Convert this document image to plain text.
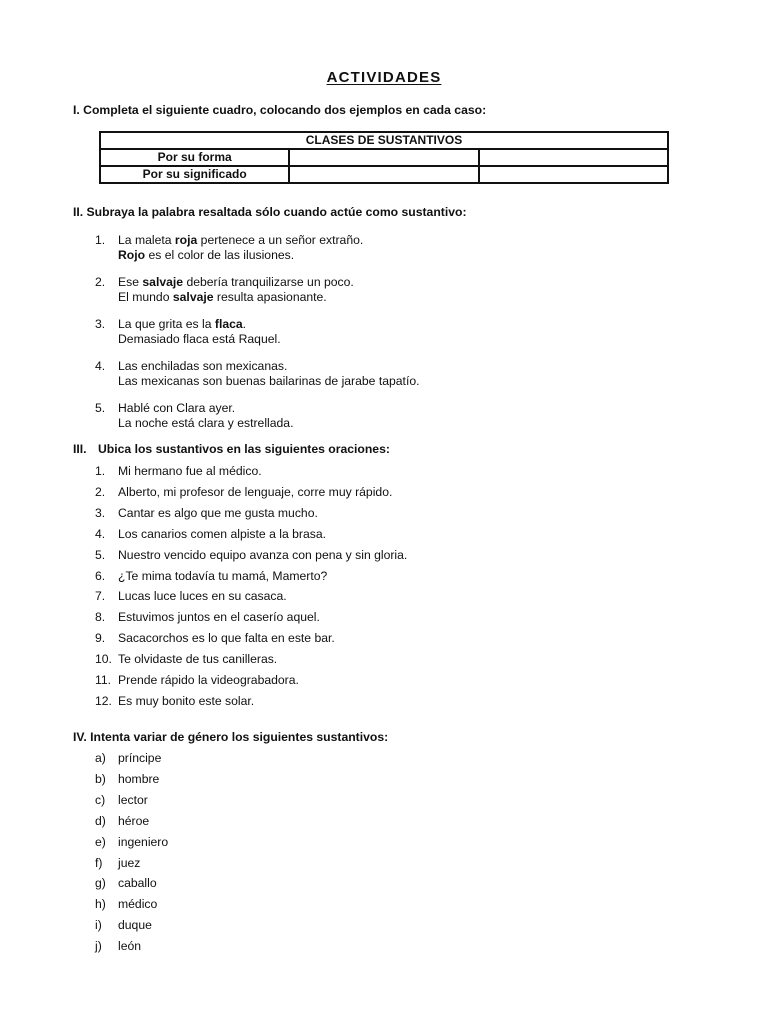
ACTIVIDADES
I. Completa el siguiente cuadro, colocando dos ejemplos en cada caso:
CLASES DE SUSTANTIVOS		
Por su forma		
Por su significado		
II. Subraya la palabra resaltada sólo cuando actúe como sustantivo:
1. La maleta roja pertenece a un señor extraño.
Rojo es el color de las ilusiones.
2. Ese salvaje debería tranquilizarse un poco.
El mundo salvaje resulta apasionante.
3. La que grita es la flaca.
Demasiado flaca está Raquel.
4. Las enchiladas son mexicanas.
Las mexicanas son buenas bailarinas de jarabe tapatío.
5. Hablé con Clara ayer.
La noche está clara y estrellada.
III. Ubica los sustantivos en las siguientes oraciones:
1. Mi hermano fue al médico.
2. Alberto, mi profesor de lenguaje, corre muy rápido.
3. Cantar es algo que me gusta mucho.
4. Los canarios comen alpiste a la brasa.
5. Nuestro vencido equipo avanza con pena y sin gloria.
6. ¿Te mima todavía tu mamá, Mamerto?
7. Lucas luce luces en su casaca.
8. Estuvimos juntos en el caserío aquel.
9. Sacacorchos es lo que falta en este bar.
10. Te olvidaste de tus canilleras.
11. Prende rápido la videograbadora.
12. Es muy bonito este solar.
IV. Intenta variar de género los siguientes sustantivos:
a) príncipe
b) hombre
c) lector
d) héroe
e) ingeniero
f) juez
g) caballo
h) médico
i) duque
j) león
